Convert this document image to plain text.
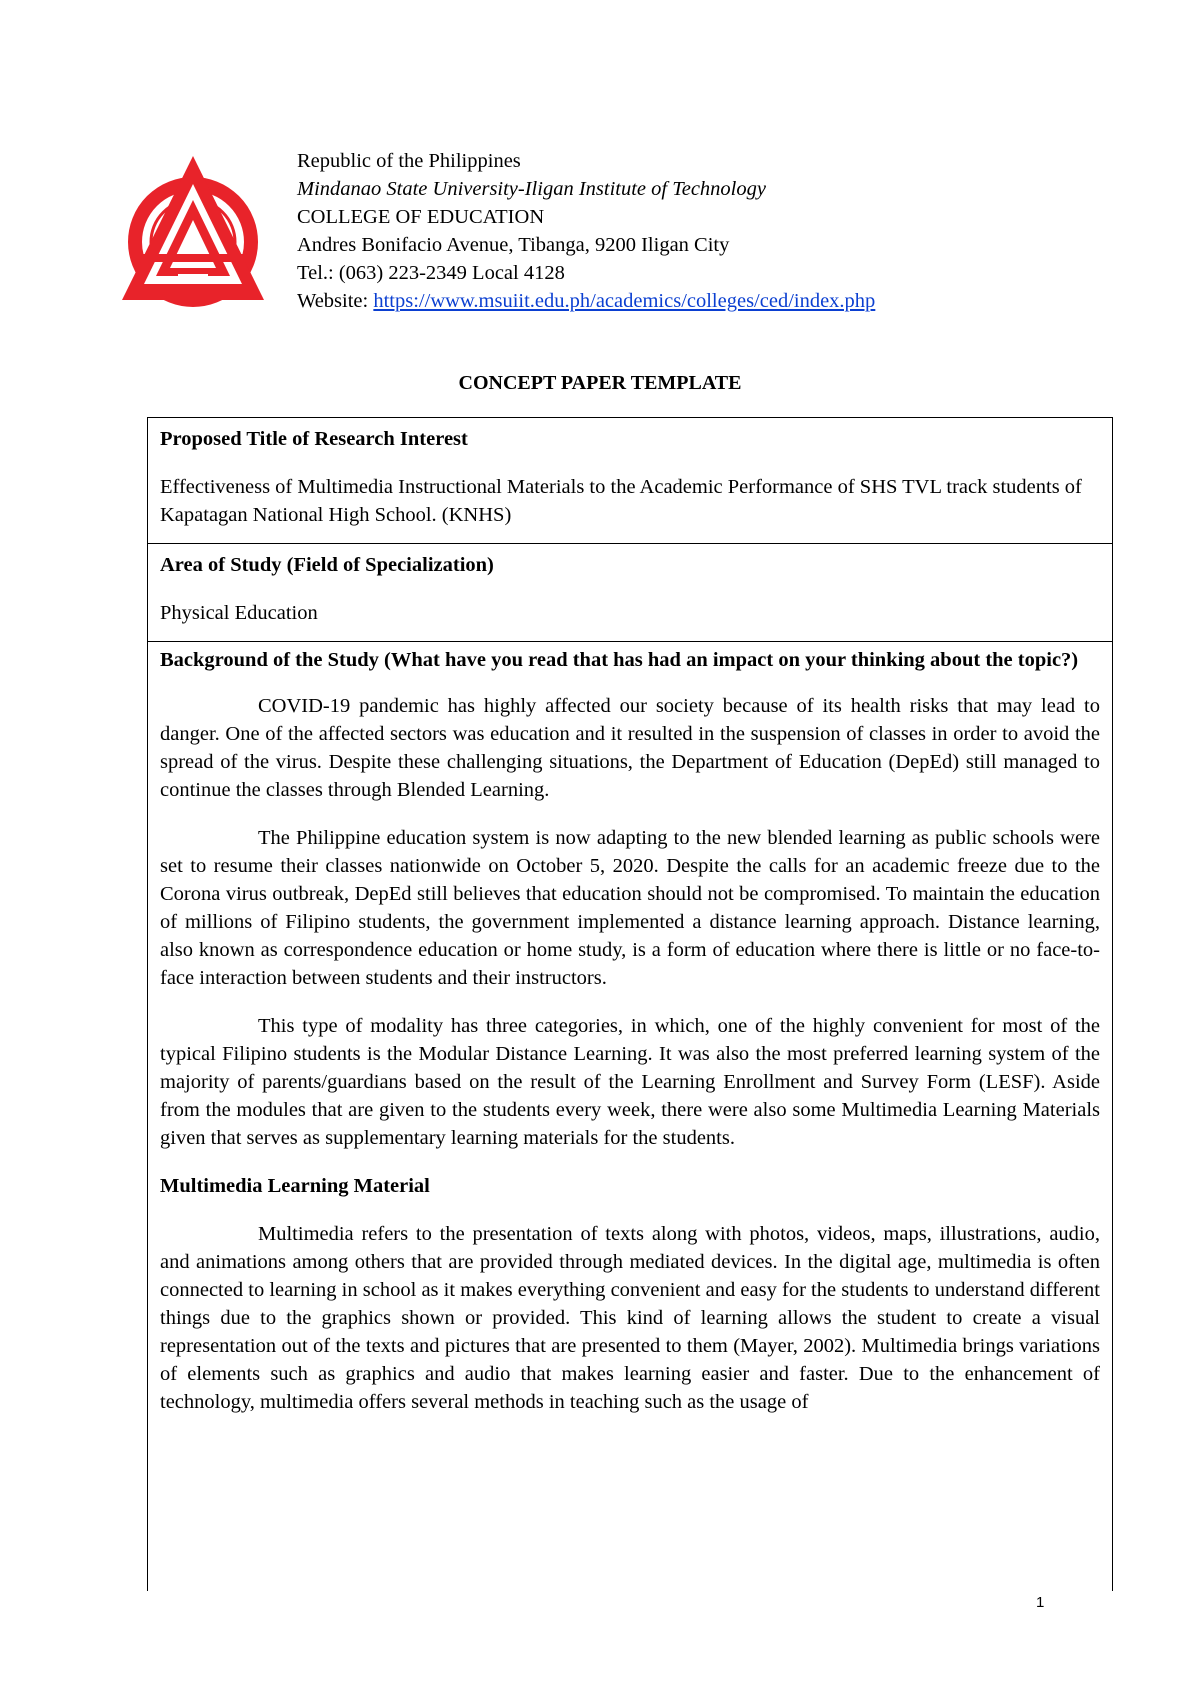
Republic of the Philippines
Mindanao State University-Iligan Institute of Technology
COLLEGE OF EDUCATION
Andres Bonifacio Avenue, Tibanga, 9200 Iligan City
Tel.: (063) 223-2349 Local 4128
Website: https://www.msuiit.edu.ph/academics/colleges/ced/index.php
CONCEPT PAPER TEMPLATE
Proposed Title of Research Interest

Effectiveness of Multimedia Instructional Materials to the Academic Performance of SHS TVL track students of Kapatagan National High School. (KNHS)

Area of Study (Field of Specialization)

Physical Education

Background of the Study (What have you read that has had an impact on your thinking about the topic?)

COVID-19 pandemic has highly affected our society because of its health risks that may lead to danger. One of the affected sectors was education and it resulted in the suspension of classes in order to avoid the spread of the virus. Despite these challenging situations, the Department of Education (DepEd) still managed to continue the classes through Blended Learning.

The Philippine education system is now adapting to the new blended learning as public schools were set to resume their classes nationwide on October 5, 2020. Despite the calls for an academic freeze due to the Corona virus outbreak, DepEd still believes that education should not be compromised. To maintain the education of millions of Filipino students, the government implemented a distance learning approach. Distance learning, also known as correspondence education or home study, is a form of education where there is little or no face-to-face interaction between students and their instructors.

This type of modality has three categories, in which, one of the highly convenient for most of the typical Filipino students is the Modular Distance Learning. It was also the most preferred learning system of the majority of parents/guardians based on the result of the Learning Enrollment and Survey Form (LESF). Aside from the modules that are given to the students every week, there were also some Multimedia Learning Materials given that serves as supplementary learning materials for the students.

Multimedia Learning Material

Multimedia refers to the presentation of texts along with photos, videos, maps, illustrations, audio, and animations among others that are provided through mediated devices. In the digital age, multimedia is often connected to learning in school as it makes everything convenient and easy for the students to understand different things due to the graphics shown or provided. This kind of learning allows the student to create a visual representation out of the texts and pictures that are presented to them (Mayer, 2002). Multimedia brings variations of elements such as graphics and audio that makes learning easier and faster. Due to the enhancement of technology, multimedia offers several methods in teaching such as the usage of

1
